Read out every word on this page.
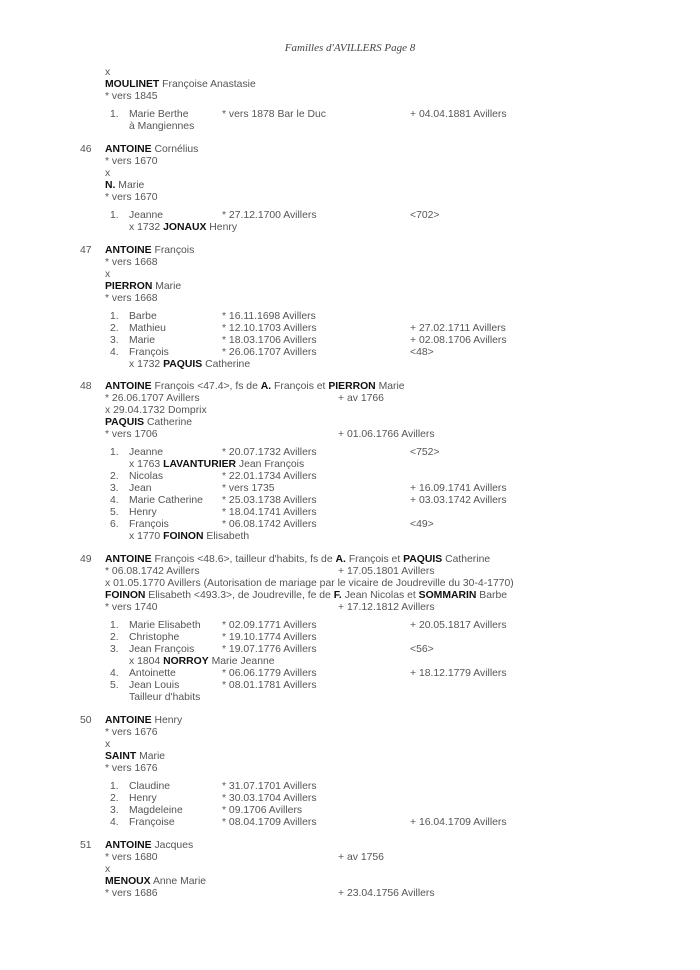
Familles d'AVILLERS Page 8
x
MOULINET Françoise Anastasie
* vers 1845
1. Marie Berthe	* vers 1878 Bar le Duc	+ 04.04.1881 Avillers
à Mangiennes
46 ANTOINE Cornélius
* vers 1670
x
N. Marie
* vers 1670
1. Jeanne	* 27.12.1700 Avillers	<702>
x 1732 JONAUX Henry
47 ANTOINE François
* vers 1668
x
PIERRON Marie
* vers 1668
1. Barbe	* 16.11.1698 Avillers
2. Mathieu	* 12.10.1703 Avillers	+ 27.02.1711 Avillers
3. Marie	* 18.03.1706 Avillers	+ 02.08.1706 Avillers
4. François	* 26.06.1707 Avillers	<48>
x 1732 PAQUIS Catherine
48 ANTOINE François <47.4>, fs de A. François et PIERRON Marie
* 26.06.1707 Avillers	+ av 1766
x 29.04.1732 Domprix
PAQUIS Catherine
* vers 1706	+ 01.06.1766 Avillers
1. Jeanne	* 20.07.1732 Avillers	<752>
x 1763 LAVANTURIER Jean François
2. Nicolas	* 22.01.1734 Avillers
3. Jean	* vers 1735	+ 16.09.1741 Avillers
4. Marie Catherine * 25.03.1738 Avillers	+ 03.03.1742 Avillers
5. Henry	* 18.04.1741 Avillers
6. François	* 06.08.1742 Avillers	<49>
x 1770 FOINON Elisabeth
49 ANTOINE François <48.6>, tailleur d'habits, fs de A. François et PAQUIS Catherine
* 06.08.1742 Avillers	+ 17.05.1801 Avillers
x 01.05.1770 Avillers (Autorisation de mariage par le vicaire de Joudreville du 30-4-1770)
FOINON Elisabeth <493.3>, de Joudreville, fe de F. Jean Nicolas et SOMMARIN Barbe
* vers 1740	+ 17.12.1812 Avillers
1. Marie Elisabeth * 02.09.1771 Avillers	+ 20.05.1817 Avillers
2. Christophe	* 19.10.1774 Avillers
3. Jean François	* 19.07.1776 Avillers	<56>
x 1804 NORROY Marie Jeanne
4. Antoinette	* 06.06.1779 Avillers	+ 18.12.1779 Avillers
5. Jean Louis	* 08.01.1781 Avillers
Tailleur d'habits
50 ANTOINE Henry
* vers 1676
x
SAINT Marie
* vers 1676
1. Claudine	* 31.07.1701 Avillers
2. Henry	* 30.03.1704 Avillers
3. Magdeleine	* 09.1706 Avillers
4. Françoise	* 08.04.1709 Avillers	+ 16.04.1709 Avillers
51 ANTOINE Jacques
* vers 1680	+ av 1756
x
MENOUX Anne Marie
* vers 1686	+ 23.04.1756 Avillers
